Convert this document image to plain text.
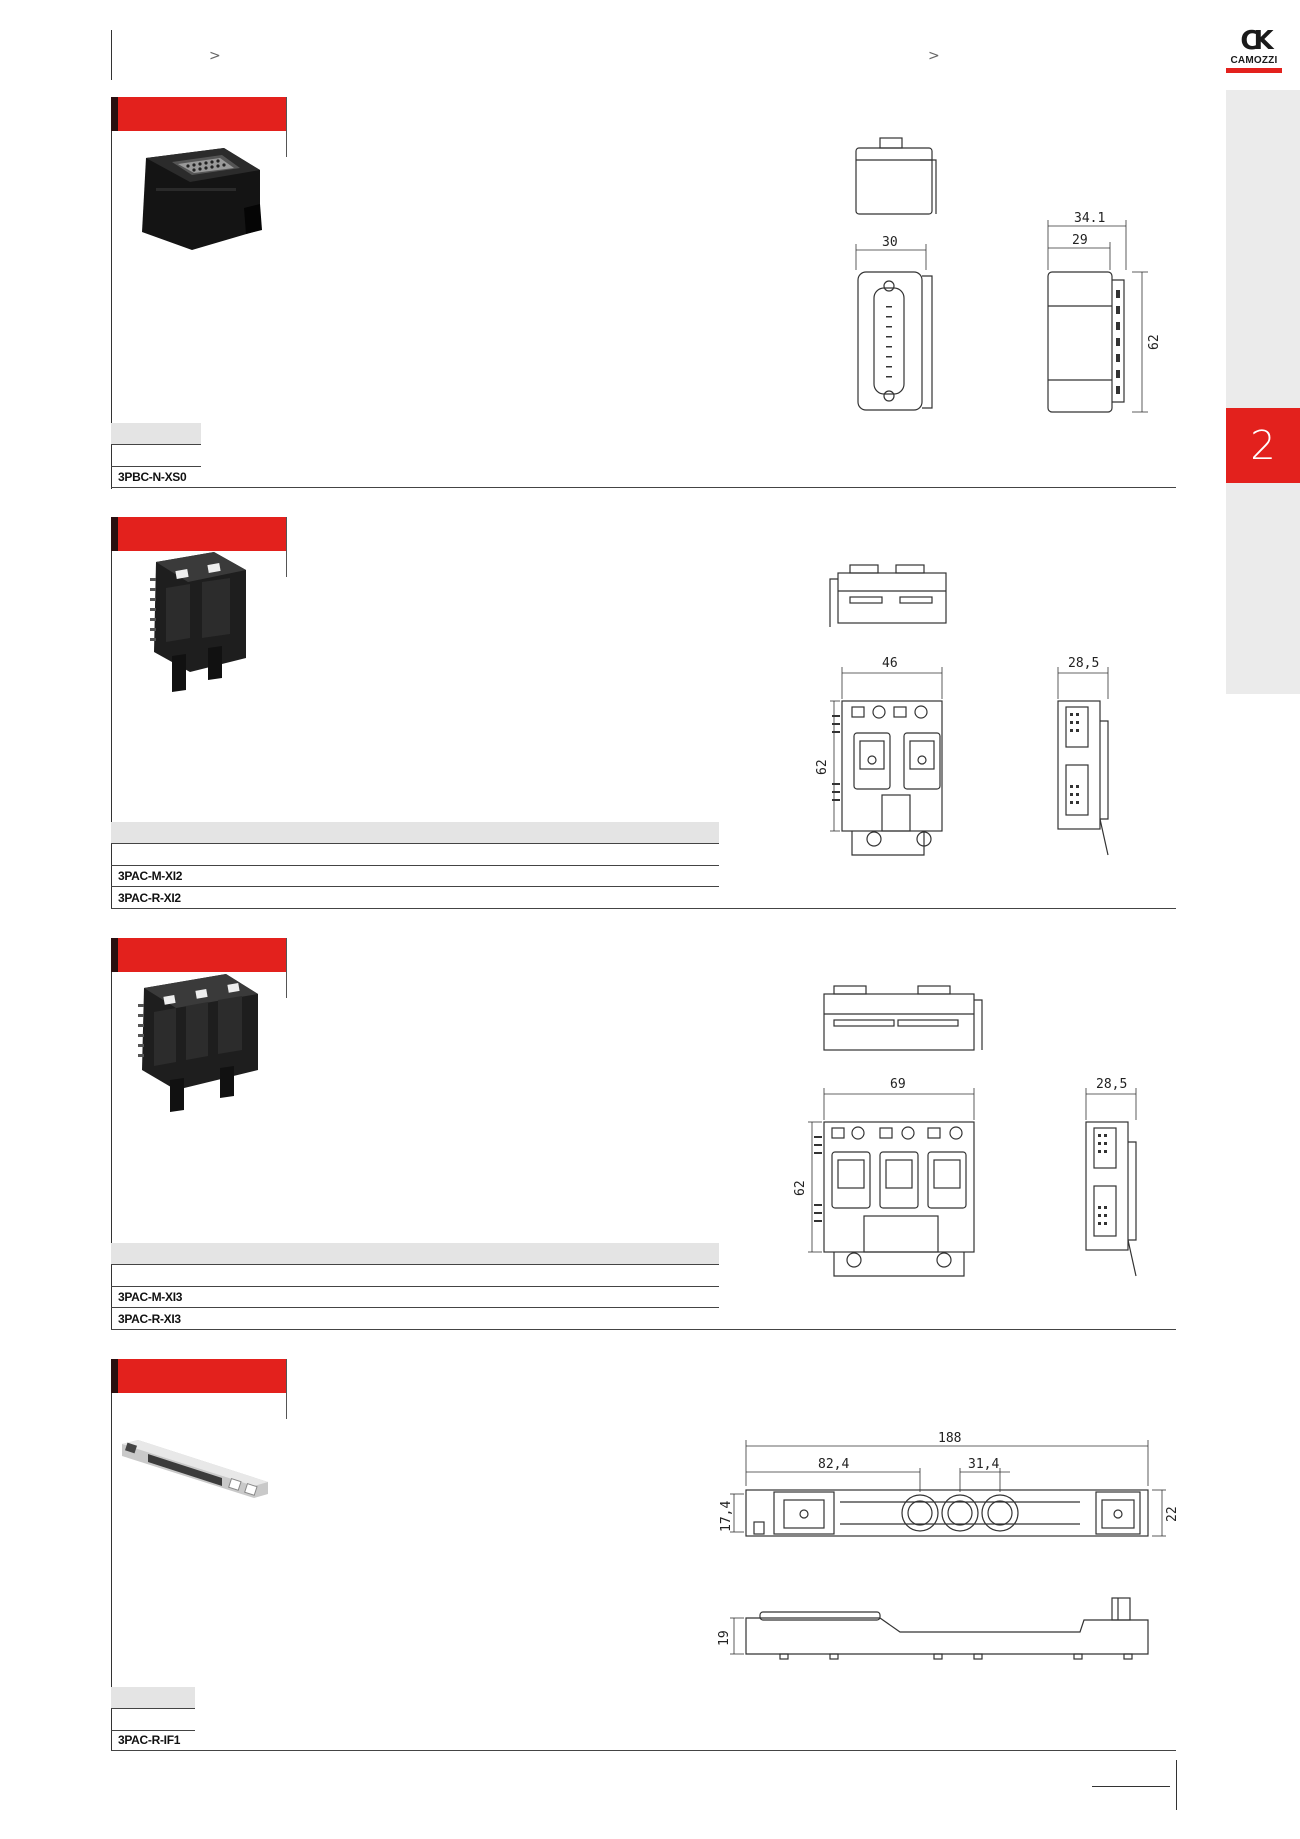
>	>	ϹK
CAMOZZI
2
3PBC-N-XS0
30
34.1
29
62
3PAC-M-XI2
3PAC-R-XI2
46	28,5
62
3PAC-M-XI3
3PAC-R-XI3
69	28,5
62
3PAC-R-IF1
188
82,4	31,4
17,4	22
19
